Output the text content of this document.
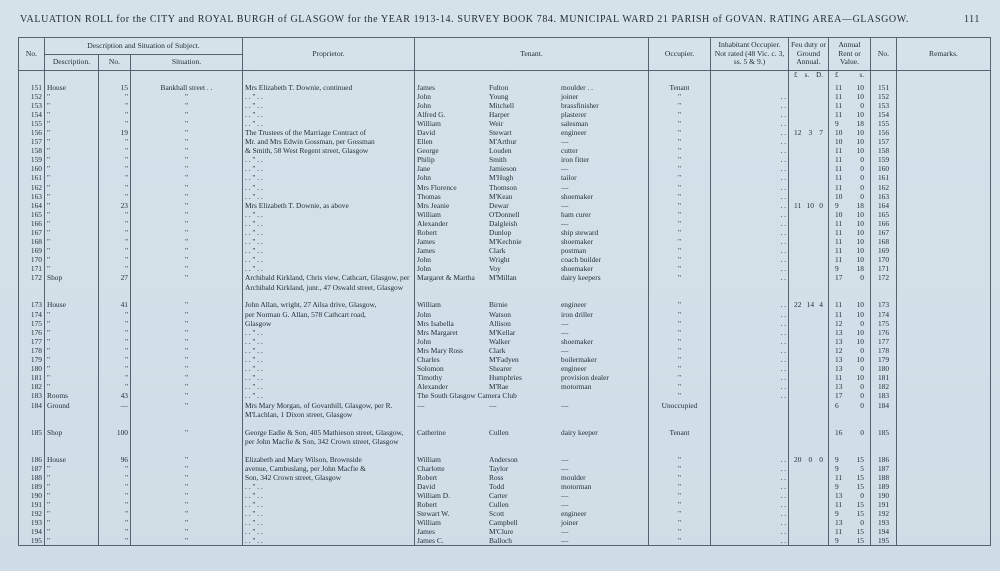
VALUATION ROLL for the CITY and ROYAL BURGH of GLASGOW for the YEAR 1913-14. SURVEY BOOK 784. MUNICIPAL WARD 21 PARISH of GOVAN. RATING AREA—GLASGOW.	111
No.	Description and Situation of Subject.			Proprietor.	Tenant.	Occupier.	Inhabitant Occupier. Not rated (48 Vic. c. 3, ss. 5 & 9.)	Feu duty or Ground Annual.	Annual Rent or Value.	No.	Remarks.
	Description.	No.	Situation.								

								£ s. D.	£ s.		

151	House	15	Bankhall street . .	Mrs Elizabeth T. Downie, continued	James Fulton moulder . .	Tenant			11 10	151	
152	"	"	"	. . " . .	John Young joiner	"	. .		11 10	152	
153	"	"	"	. . " . .	John Mitchell brassfinisher	"	. .		11 0	153	
154	"	"	"	. . " . .	Alfred G. Harper plasterer	"	. .		11 10	154	
155	"	"	"	. . " . .	William Weir salesman	"	. .		9 18	155	
156	"	19	"	The Trustees of the Marriage Contract of	David Stewart engineer	"	. .	12 3 7	10 10	156	
157	"	"	"	Mr. and Mrs Edwin Gossman, per Gossman	Ellen M'Arthur —	"	. .		10 10	157	
158	"	"	"	& Smith, 58 West Regent street, Glasgow	George Louden cutter	"	. .		11 10	158	
159	"	"	"	. . " . .	Philip Smith iron fitter	"	. .		11 0	159	
160	"	"	"	. . " . .	Jane Jamieson —	"	. .		11 0	160	
161	"	"	"	. . " . .	John M'Hugh tailor	"	. .		11 0	161	
162	"	"	"	. . " . .	Mrs Florence Thomson —	"	. .		11 0	162	
163	"	"	"	. . " . .	Thomas M'Kean shoemaker	"	. .		10 0	163	
164	"	23	"	Mrs Elizabeth T. Downie, as above	Mrs Jeanie Dewar —	"	. .	11 10 0	9 18	164	
165	"	"	"	. . " . .	William O'Donnell ham curer	"	. .		10 10	165	
166	"	"	"	. . " . .	Alexander Dalgleish —	"	. .		11 10	166	
167	"	"	"	. . " . .	Robert Dunlop ship steward	"	. .		11 10	167	
168	"	"	"	. . " . .	James M'Kechnie shoemaker	"	. .		11 10	168	
169	"	"	"	. . " . .	James Clark postman	"	. .		11 10	169	
170	"	"	"	. . " . .	John Wright coach builder	"	. .		11 10	170	
171	"	"	"	. . " . .	John Voy shoemaker	"	. .		9 18	171	
172	Shop	27	"	Archibald Kirkland, Chris view, Cathcart, Glasgow, per Archibald Kirkland, junr., 47 Oswald street, Glasgow	Margaret & Martha M'Millan dairy keepers	"	. .		17 0	172	
173	House	41	"	John Allan, wright, 27 Ailsa drive, Glasgow,	William Birnie engineer	"	. .	22 14 4	11 10	173	
174	"	"	"	per Norman G. Allan, 578 Cathcart road,	John Watson iron driller	"	. .		11 10	174	
175	"	"	"	Glasgow	Mrs Isabella Allison —	"	. .		12 0	175	
176	"	"	"	. . " . .	Mrs Margaret M'Kellar —	"	. .		13 10	176	
177	"	"	"	. . " . .	John Walker shoemaker	"	. .		13 10	177	
178	"	"	"	. . " . .	Mrs Mary Ross Clark —	"	. .		12 0	178	
179	"	"	"	. . " . .	Charles M'Fadyen boilermaker	"	. .		13 10	179	
180	"	"	"	. . " . .	Solomon Shearer engineer	"	. .		13 0	180	
181	"	"	"	. . " . .	Timothy Humphries provision dealer	"	. .		11 10	181	
182	"	"	"	. . " . .	Alexander M'Rae motorman	"	. .		13 0	182	
183	Rooms	43	"	. . " . .	The South Glasgow Camera Club	"	. .		17 0	183	
184	Ground	—	"	Mrs Mary Morgan, of Govanhill, Glasgow, per R. M'Lachlan, 1 Dixon street, Glasgow	— — —	Unoccupied			6 0	184	
185	Shop	100	"	George Eadie & Son, 405 Mathieson street, Glasgow, per John Macfie & Son, 342 Crown street, Glasgow	Catherine Cullen dairy keeper	Tenant			16 0	185	
186	House	96	"	Elizabeth and Mary Wilson, Brownside	William Anderson —	"	. .	20 0 0	9 15	186	
187	"	"	"	avenue, Cambuslang, per John Macfie &	Charlotte Taylor —	"	. .		9 5	187	
188	"	"	"	Son, 342 Crown street, Glasgow	Robert Ross moulder	"	. .		11 15	188	
189	"	"	"	. . " . .	David Todd motorman	"	. .		9 15	189	
190	"	"	"	. . " . .	William D. Carter —	"	. .		13 0	190	
191	"	"	"	. . " . .	Robert Cullen —	"	. .		11 15	191	
192	"	"	"	. . " . .	Stewart W. Scott engineer	"	. .		9 15	192	
193	"	"	"	. . " . .	William Campbell joiner	"	. .		13 0	193	
194	"	"	"	. . " . .	James M'Clure —	"	. .		11 15	194	
195	"	"	"	. . " . .	James C. Balloch —	"	. .		9 15	195	
